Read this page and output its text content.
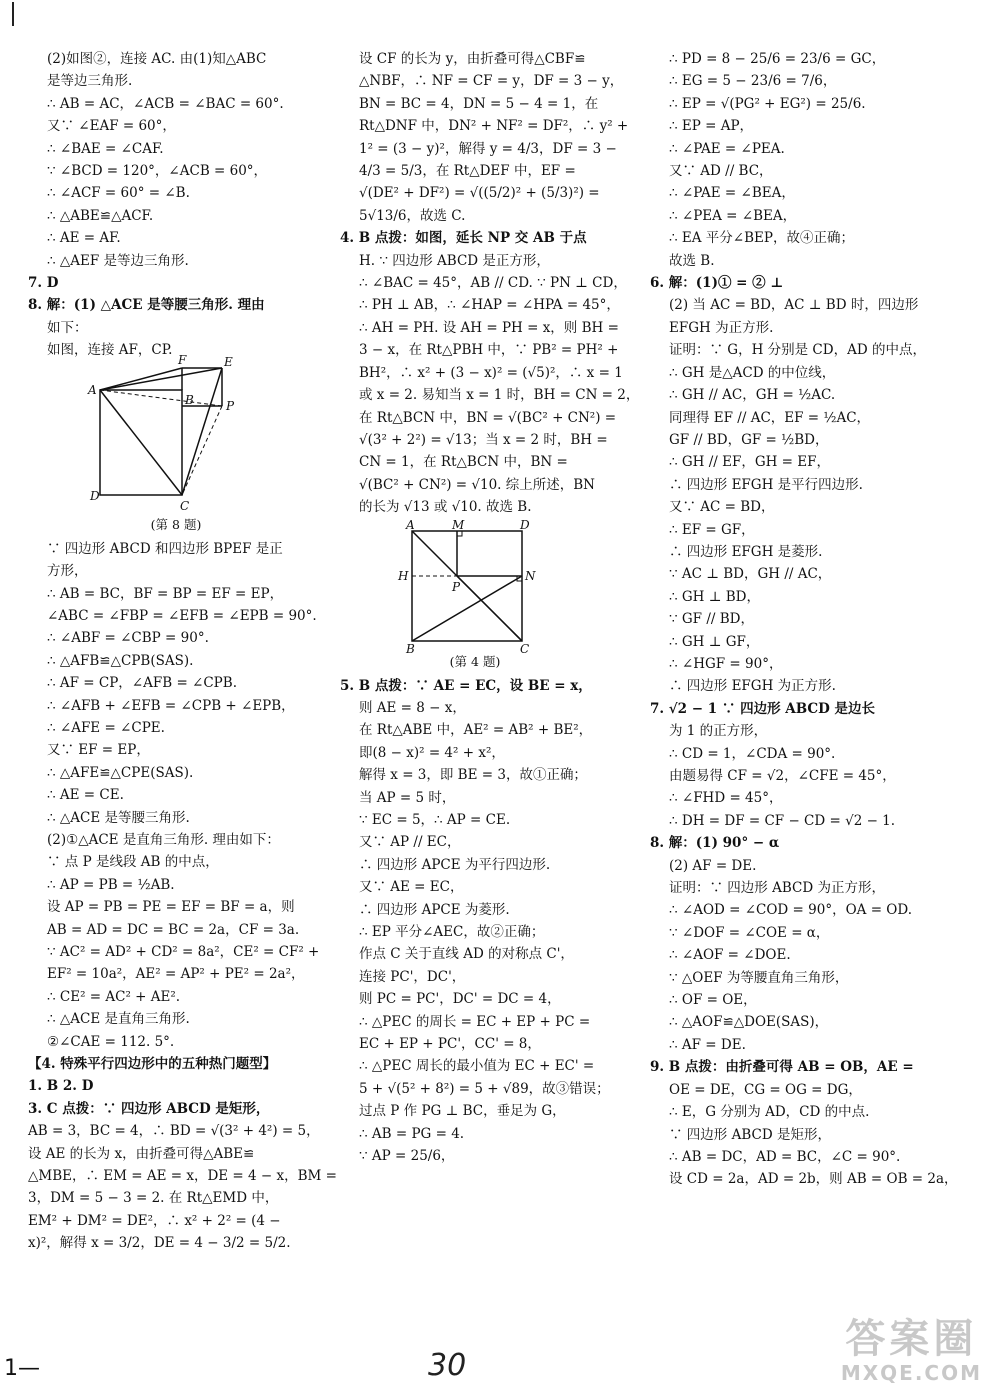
(2)如图②，连接 AC. 由(1)知△ABC
是等边三角形.
∴ AB = AC，∠ACB = ∠BAC = 60°.
又∵ ∠EAF = 60°，
∴ ∠BAE = ∠CAF.
∵ ∠BCD = 120°，∠ACB = 60°，
∴ ∠ACF = 60° = ∠B.
∴ △ABE≌△ACF.
∴ AE = AF.
∴ △AEF 是等边三角形.
7. D
8. 解：(1) △ACE 是等腰三角形. 理由
如下：
如图，连接 AF，CP.
F	E
A
B	P
D
C
(第 8 题)
∵ 四边形 ABCD 和四边形 BPEF 是正
方形，
∴ AB = BC，BF = BP = EF = EP，
∠ABC = ∠FBP = ∠EFB = ∠EPB = 90°.
∴ ∠ABF = ∠CBP = 90°.
∴ △AFB≌△CPB(SAS).
∴ AF = CP，∠AFB = ∠CPB.
∴ ∠AFB + ∠EFB = ∠CPB + ∠EPB，
∴ ∠AFE = ∠CPE.
又∵ EF = EP，
∴ △AFE≌△CPE(SAS).
∴ AE = CE.
∴ △ACE 是等腰三角形.
(2)①△ACE 是直角三角形. 理由如下：
∵ 点 P 是线段 AB 的中点，
∴ AP = PB = ½AB.
设 AP = PB = PE = EF = BF = a，则
AB = AD = DC = BC = 2a，CF = 3a.
∵ AC² = AD² + CD² = 8a²，CE² = CF² +
EF² = 10a²，AE² = AP² + PE² = 2a²，
∴ CE² = AC² + AE².
∴ △ACE 是直角三角形.
②∠CAE = 112. 5°.
【4. 特殊平行四边形中的五种热门题型】
1. B 2. D
3. C 点拨：∵ 四边形 ABCD 是矩形，
AB = 3，BC = 4，∴ BD = √(3² + 4²) = 5，
设 AE 的长为 x，由折叠可得△ABE≌
△MBE，∴ EM = AE = x，DE = 4 − x，BM =
3，DM = 5 − 3 = 2. 在 Rt△EMD 中，
EM² + DM² = DE²，∴ x² + 2² = (4 −
x)²，解得 x = 3/2，DE = 4 − 3/2 = 5/2.
设 CF 的长为 y，由折叠可得△CBF≌
△NBF，∴ NF = CF = y，DF = 3 − y，
BN = BC = 4，DN = 5 − 4 = 1，在
Rt△DNF 中，DN² + NF² = DF²，∴ y² +
1² = (3 − y)²，解得 y = 4/3，DF = 3 −
4/3 = 5/3，在 Rt△DEF 中，EF =
√(DE² + DF²) = √((5/2)² + (5/3)²) =
5√13/6，故选 C.
4. B 点拨：如图，延长 NP 交 AB 于点
H. ∵ 四边形 ABCD 是正方形，
∴ ∠BAC = 45°，AB // CD. ∵ PN ⊥ CD，
∴ PH ⊥ AB，∴ ∠HAP = ∠HPA = 45°，
∴ AH = PH. 设 AH = PH = x，则 BH =
3 − x，在 Rt△PBH 中，∵ PB² = PH² +
BH²，∴ x² + (3 − x)² = (√5)²，∴ x = 1
或 x = 2. 易知当 x = 1 时，BH = CN = 2，
在 Rt△BCN 中，BN = √(BC² + CN²) =
√(3² + 2²) = √13；当 x = 2 时，BH =
CN = 1，在 Rt△BCN 中，BN =
√(BC² + CN²) = √10. 综上所述，BN
的长为 √13 或 √10. 故选 B.
A	M	D
H
P
N
B	C
(第 4 题)
5. B 点拨：∵ AE = EC，设 BE = x，
则 AE = 8 − x，
在 Rt△ABE 中，AE² = AB² + BE²，
即(8 − x)² = 4² + x²，
解得 x = 3，即 BE = 3，故①正确；
当 AP = 5 时，
∵ EC = 5，∴ AP = CE.
又∵ AP // EC，
∴ 四边形 APCE 为平行四边形.
又∵ AE = EC，
∴ 四边形 APCE 为菱形.
∴ EP 平分∠AEC，故②正确；
作点 C 关于直线 AD 的对称点 C'，
连接 PC'，DC'，
则 PC = PC'，DC' = DC = 4，
∴ △PEC 的周长 = EC + EP + PC =
EC + EP + PC'，CC' = 8，
∴ △PEC 周长的最小值为 EC + EC' =
5 + √(5² + 8²) = 5 + √89，故③错误；
过点 P 作 PG ⊥ BC，垂足为 G，
∴ AB = PG = 4.
∵ AP = 25/6，
∴ PD = 8 − 25/6 = 23/6 = GC，
∴ EG = 5 − 23/6 = 7/6，
∴ EP = √(PG² + EG²) = 25/6.
∴ EP = AP，
∴ ∠PAE = ∠PEA.
又∵ AD // BC，
∴ ∠PAE = ∠BEA，
∴ ∠PEA = ∠BEA，
∴ EA 平分∠BEP，故④正确；
故选 B.
6. 解：(1)① = ② ⊥
(2) 当 AC = BD，AC ⊥ BD 时，四边形
EFGH 为正方形.
证明：∵ G，H 分别是 CD，AD 的中点，
∴ GH 是△ACD 的中位线，
∴ GH // AC，GH = ½AC.
同理得 EF // AC，EF = ½AC，
GF // BD，GF = ½BD，
∴ GH // EF，GH = EF，
∴ 四边形 EFGH 是平行四边形.
又∵ AC = BD，
∴ EF = GF，
∴ 四边形 EFGH 是菱形.
∵ AC ⊥ BD，GH // AC，
∴ GH ⊥ BD，
∵ GF // BD，
∴ GH ⊥ GF，
∴ ∠HGF = 90°，
∴ 四边形 EFGH 为正方形.
7. √2 − 1 ∵ 四边形 ABCD 是边长
为 1 的正方形，
∴ CD = 1，∠CDA = 90°.
由题易得 CF = √2，∠CFE = 45°，
∴ ∠FHD = 45°，
∴ DH = DF = CF − CD = √2 − 1.
8. 解：(1) 90° − α
(2) AF = DE.
证明：∵ 四边形 ABCD 为正方形，
∴ ∠AOD = ∠COD = 90°，OA = OD.
∵ ∠DOF = ∠COE = α，
∴ ∠AOF = ∠DOE.
∵ △OEF 为等腰直角三角形，
∴ OF = OE，
∴ △AOF≌△DOE(SAS)，
∴ AF = DE.
9. B 点拨：由折叠可得 AB = OB，AE =
OE = DE，CG = OG = DG，
∴ E，G 分别为 AD，CD 的中点.
∵ 四边形 ABCD 是矩形，
∴ AB = DC，AD = BC，∠C = 90°.
设 CD = 2a，AD = 2b，则 AB = OB = 2a，
1—	30
答案圈
MXQE.COM
